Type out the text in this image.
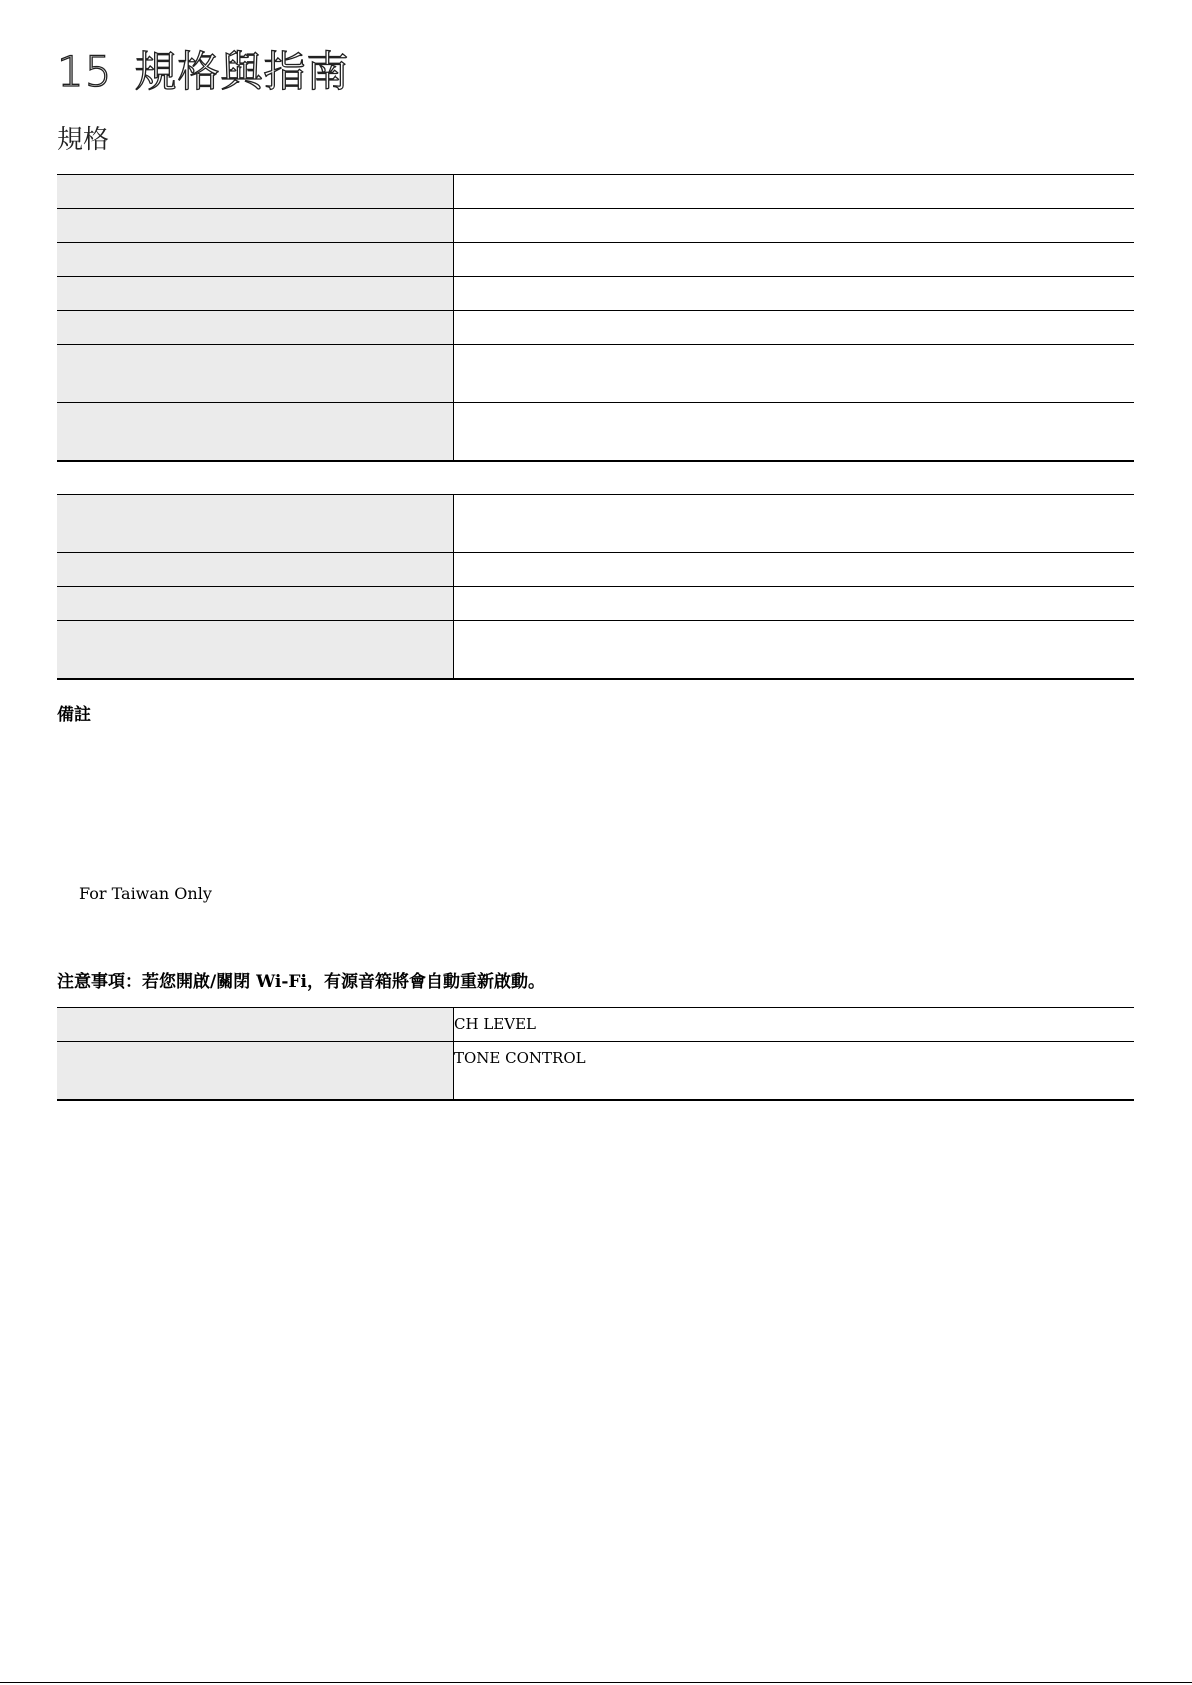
15 規格與指南
規格

備註

For Taiwan Only
注意事項：若您開啟/關閉 Wi-Fi，有源音箱將會自動重新啟動。
	CH LEVEL
	TONE CONTROL
